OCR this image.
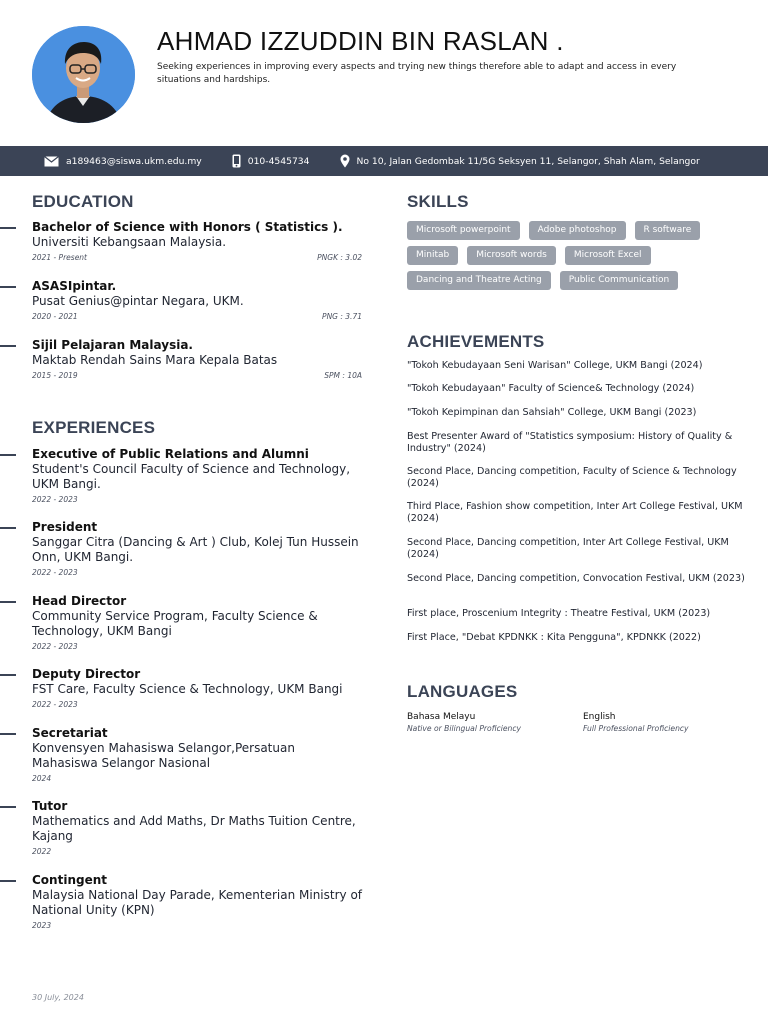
AHMAD IZZUDDIN BIN RASLAN .
Seeking experiences in improving every aspects and trying new things therefore able to adapt and access in every situations and hardships.
a189463@siswa.ukm.edu.my	010-4545734	No 10, Jalan Gedombak 11/5G Seksyen 11, Selangor, Shah Alam, Selangor
EDUCATION
Bachelor of Science with Honors ( Statistics ).
Universiti Kebangsaan Malaysia.
2021 - Present	PNGK : 3.02
ASASIpintar.
Pusat Genius@pintar Negara, UKM.
2020 - 2021	PNG : 3.71
Sijil Pelajaran Malaysia.
Maktab Rendah Sains Mara Kepala Batas
2015 - 2019	SPM : 10A
EXPERIENCES
Executive of Public Relations and Alumni
Student's Council Faculty of Science and Technology, UKM Bangi.
2022 - 2023
President
Sanggar Citra (Dancing & Art ) Club, Kolej Tun Hussein Onn, UKM Bangi.
2022 - 2023
Head Director
Community Service Program, Faculty Science & Technology, UKM Bangi
2022 - 2023
Deputy Director
FST Care, Faculty Science & Technology, UKM Bangi
2022 - 2023
Secretariat
Konvensyen Mahasiswa Selangor,Persatuan Mahasiswa Selangor Nasional
2024
Tutor
Mathematics and Add Maths, Dr Maths Tuition Centre, Kajang
2022
Contingent
Malaysia National Day Parade, Kementerian Ministry of National Unity (KPN)
2023
SKILLS
Microsoft powerpoint	Adobe photoshop	R software
Minitab	Microsoft words	Microsoft Excel
Dancing and Theatre Acting	Public Communication
ACHIEVEMENTS
"Tokoh Kebudayaan Seni Warisan" College, UKM Bangi (2024)
"Tokoh Kebudayaan" Faculty of Science& Technology (2024)
"Tokoh Kepimpinan dan Sahsiah" College, UKM Bangi (2023)
Best Presenter Award of "Statistics symposium: History of Quality & Industry" (2024)
Second Place, Dancing competition, Faculty of Science & Technology (2024)
Third Place, Fashion show competition, Inter Art College Festival, UKM (2024)
Second Place, Dancing competition, Inter Art College Festival, UKM (2024)
Second Place, Dancing competition, Convocation Festival, UKM (2023)
First place, Proscenium Integrity : Theatre Festival, UKM (2023)
First Place, "Debat KPDNKK : Kita Pengguna", KPDNKK (2022)
LANGUAGES
Bahasa Melayu
Native or Bilingual Proficiency
English
Full Professional Proficiency
30 July, 2024
